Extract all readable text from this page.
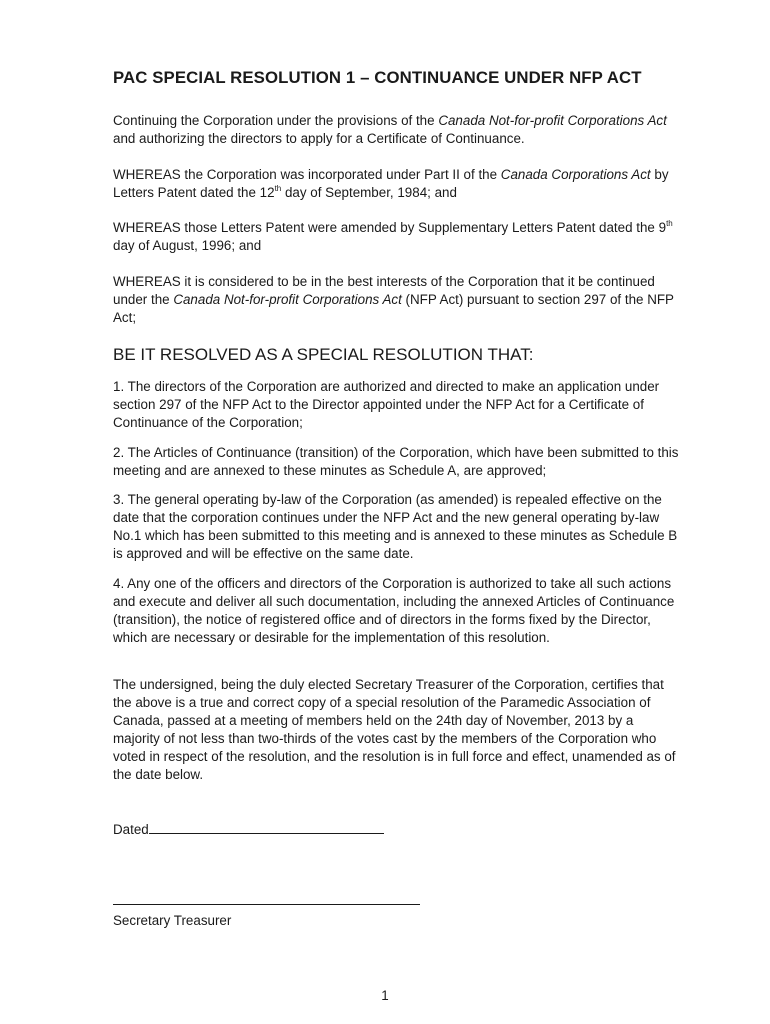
PAC SPECIAL RESOLUTION 1 – CONTINUANCE UNDER NFP ACT
Continuing the Corporation under the provisions of the Canada Not-for-profit Corporations Act
and authorizing the directors to apply for a Certificate of Continuance.
WHEREAS the Corporation was incorporated under Part II of the Canada Corporations Act by
Letters Patent dated the 12th day of September, 1984; and
WHEREAS those Letters Patent were amended by Supplementary Letters Patent dated the 9th
day of August, 1996; and
WHEREAS it is considered to be in the best interests of the Corporation that it be continued
under the Canada Not-for-profit Corporations Act (NFP Act) pursuant to section 297 of the NFP
Act;
BE IT RESOLVED AS A SPECIAL RESOLUTION THAT:
1. The directors of the Corporation are authorized and directed to make an application under
section 297 of the NFP Act to the Director appointed under the NFP Act for a Certificate of
Continuance of the Corporation;
2. The Articles of Continuance (transition) of the Corporation, which have been submitted to this
meeting and are annexed to these minutes as Schedule A, are approved;
3. The general operating by-law of the Corporation (as amended) is repealed effective on the
date that the corporation continues under the NFP Act and the new general operating by-law
No.1 which has been submitted to this meeting and is annexed to these minutes as Schedule B
is approved and will be effective on the same date.
4. Any one of the officers and directors of the Corporation is authorized to take all such actions
and execute and deliver all such documentation, including the annexed Articles of Continuance
(transition), the notice of registered office and of directors in the forms fixed by the Director,
which are necessary or desirable for the implementation of this resolution.
The undersigned, being the duly elected Secretary Treasurer of the Corporation, certifies that
the above is a true and correct copy of a special resolution of the Paramedic Association of
Canada, passed at a meeting of members held on the 24th day of November, 2013 by a
majority of not less than two-thirds of the votes cast by the members of the Corporation who
voted in respect of the resolution, and the resolution is in full force and effect, unamended as of
the date below.
Dated
Secretary Treasurer
1
